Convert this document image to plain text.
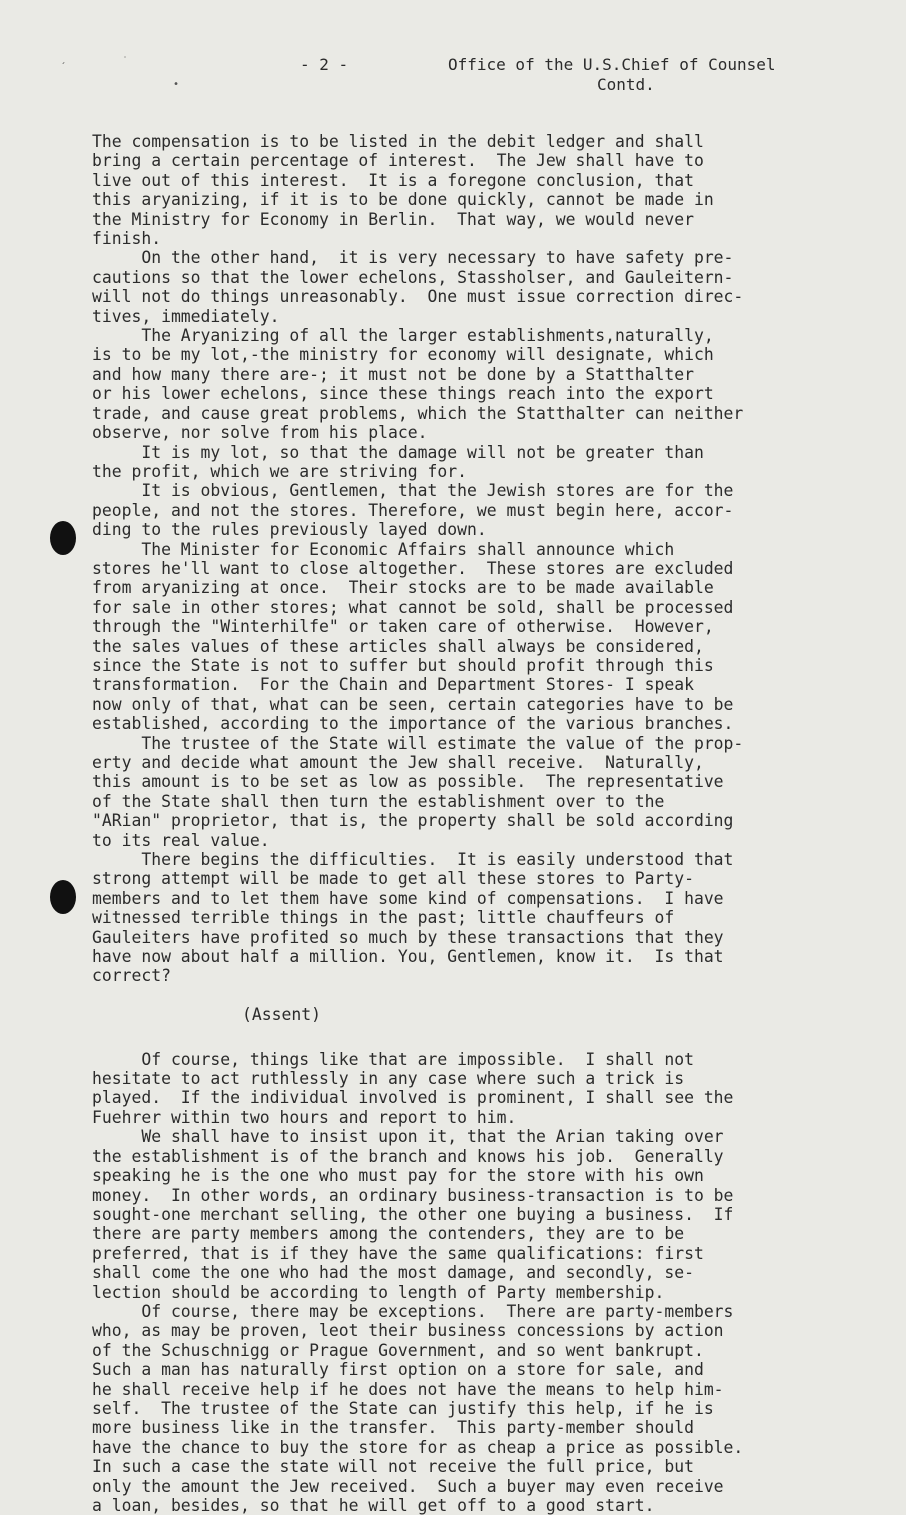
´
˙
•
- 2 -	Office of the U.S.Chief of Counsel
Contd.

The compensation is to be listed in the debit ledger and shall

bring a certain percentage of interest.  The Jew shall have to

live out of this interest.  It is a foregone conclusion, that

this aryanizing, if it is to be done quickly, cannot be made in

the Ministry for Economy in Berlin.  That way, we would never

finish.

On the other hand,  it is very necessary to have safety pre-

cautions so that the lower echelons, Stassholser, and Gauleitern-

will not do things unreasonably.  One must issue correction direc-

tives, immediately.

The Aryanizing of all the larger establishments,naturally,

is to be my lot,-the ministry for economy will designate, which

and how many there are-; it must not be done by a Statthalter

or his lower echelons, since these things reach into the export

trade, and cause great problems, which the Statthalter can neither

observe, nor solve from his place.

It is my lot, so that the damage will not be greater than

the profit, which we are striving for.

It is obvious, Gentlemen, that the Jewish stores are for the

people, and not the stores. Therefore, we must begin here, accor-

ding to the rules previously layed down.

The Minister for Economic Affairs shall announce which

stores he'll want to close altogether.  These stores are excluded

from aryanizing at once.  Their stocks are to be made available

for sale in other stores; what cannot be sold, shall be processed

through the "Winterhilfe" or taken care of otherwise.  However,

the sales values of these articles shall always be considered,

since the State is not to suffer but should profit through this

transformation.  For the Chain and Department Stores- I speak

now only of that, what can be seen, certain categories have to be

established, according to the importance of the various branches.

The trustee of the State will estimate the value of the prop-

erty and decide what amount the Jew shall receive.  Naturally,

this amount is to be set as low as possible.  The representative

of the State shall then turn the establishment over to the

"ARian" proprietor, that is, the property shall be sold according

to its real value.

There begins the difficulties.  It is easily understood that

strong attempt will be made to get all these stores to Party-

members and to let them have some kind of compensations.  I have

witnessed terrible things in the past; little chauffeurs of

Gauleiters have profited so much by these transactions that they

have now about half a million. You, Gentlemen, know it.  Is that

correct?

(Assent)

Of course, things like that are impossible.  I shall not

hesitate to act ruthlessly in any case where such a trick is

played.  If the individual involved is prominent, I shall see the

Fuehrer within two hours and report to him.

We shall have to insist upon it, that the Arian taking over

the establishment is of the branch and knows his job.  Generally

speaking he is the one who must pay for the store with his own

money.  In other words, an ordinary business-transaction is to be

sought-one merchant selling, the other one buying a business.  If

there are party members among the contenders, they are to be

preferred, that is if they have the same qualifications: first

shall come the one who had the most damage, and secondly, se-

lection should be according to length of Party membership.

Of course, there may be exceptions.  There are party-members

who, as may be proven, leot their business concessions by action

of the Schuschnigg or Prague Government, and so went bankrupt.

Such a man has naturally first option on a store for sale, and

he shall receive help if he does not have the means to help him-

self.  The trustee of the State can justify this help, if he is

more business like in the transfer.  This party-member should

have the chance to buy the store for as cheap a price as possible.

In such a case the state will not receive the full price, but

only the amount the Jew received.  Such a buyer may even receive

a loan, besides, so that he will get off to a good start.
